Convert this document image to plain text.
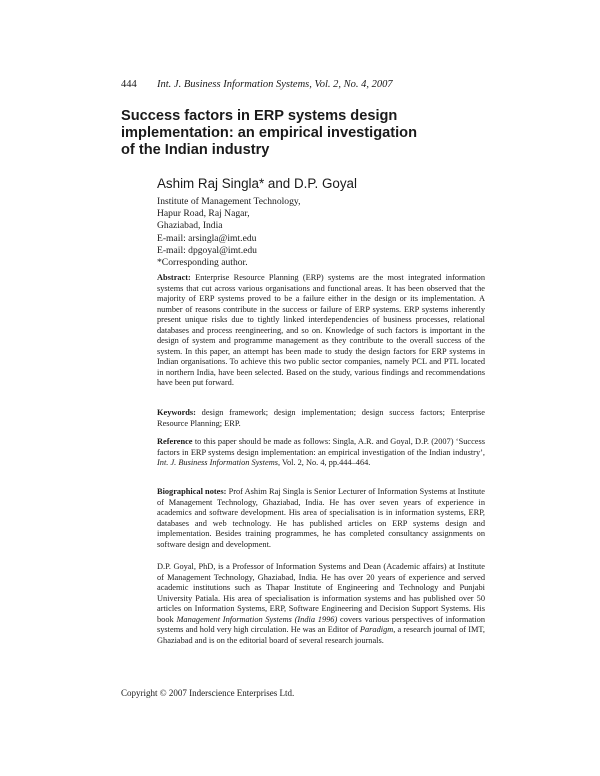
444 Int. J. Business Information Systems, Vol. 2, No. 4, 2007
Success factors in ERP systems design
implementation: an empirical investigation
of the Indian industry
Ashim Raj Singla* and D.P. Goyal
Institute of Management Technology,
Hapur Road, Raj Nagar,
Ghaziabad, India
E-mail: arsingla@imt.edu
E-mail: dpgoyal@imt.edu
*Corresponding author.

Abstract: Enterprise Resource Planning (ERP) systems are the most integrated information systems that cut across various organisations and functional areas. It has been observed that the majority of ERP systems proved to be a failure either in the design or its implementation. A number of reasons contribute in the success or failure of ERP systems. ERP systems inherently present unique risks due to tightly linked interdependencies of business processes, relational databases and process reengineering, and so on. Knowledge of such factors is important in the design of system and programme management as they contribute to the overall success of the system. In this paper, an attempt has been made to study the design factors for ERP systems in Indian organisations. To achieve this two public sector companies, namely PCL and PTL located in northern India, have been selected. Based on the study, various findings and recommendations have been put forward.

Keywords: design framework; design implementation; design success factors; Enterprise Resource Planning; ERP.

Reference to this paper should be made as follows: Singla, A.R. and Goyal, D.P. (2007) ‘Success factors in ERP systems design implementation: an empirical investigation of the Indian industry’, Int. J. Business Information Systems, Vol. 2, No. 4, pp.444–464.

Biographical notes: Prof Ashim Raj Singla is Senior Lecturer of Information Systems at Institute of Management Technology, Ghaziabad, India. He has over seven years of experience in academics and software development. His area of specialisation is in information systems, ERP, databases and web technology. He has published articles on ERP systems design and implementation. Besides training programmes, he has completed consultancy assignments on software design and development.

D.P. Goyal, PhD, is a Professor of Information Systems and Dean (Academic affairs) at Institute of Management Technology, Ghaziabad, India. He has over 20 years of experience and served academic institutions such as Thapar Institute of Engineering and Technology and Punjabi University Patiala. His area of specialisation is information systems and has published over 50 articles on Information Systems, ERP, Software Engineering and Decision Support Systems. His book Management Information Systems (India 1996) covers various perspectives of information systems and hold very high circulation. He was an Editor of Paradigm, a research journal of IMT, Ghaziabad and is on the editorial board of several research journals.

Copyright © 2007 Inderscience Enterprises Ltd.
